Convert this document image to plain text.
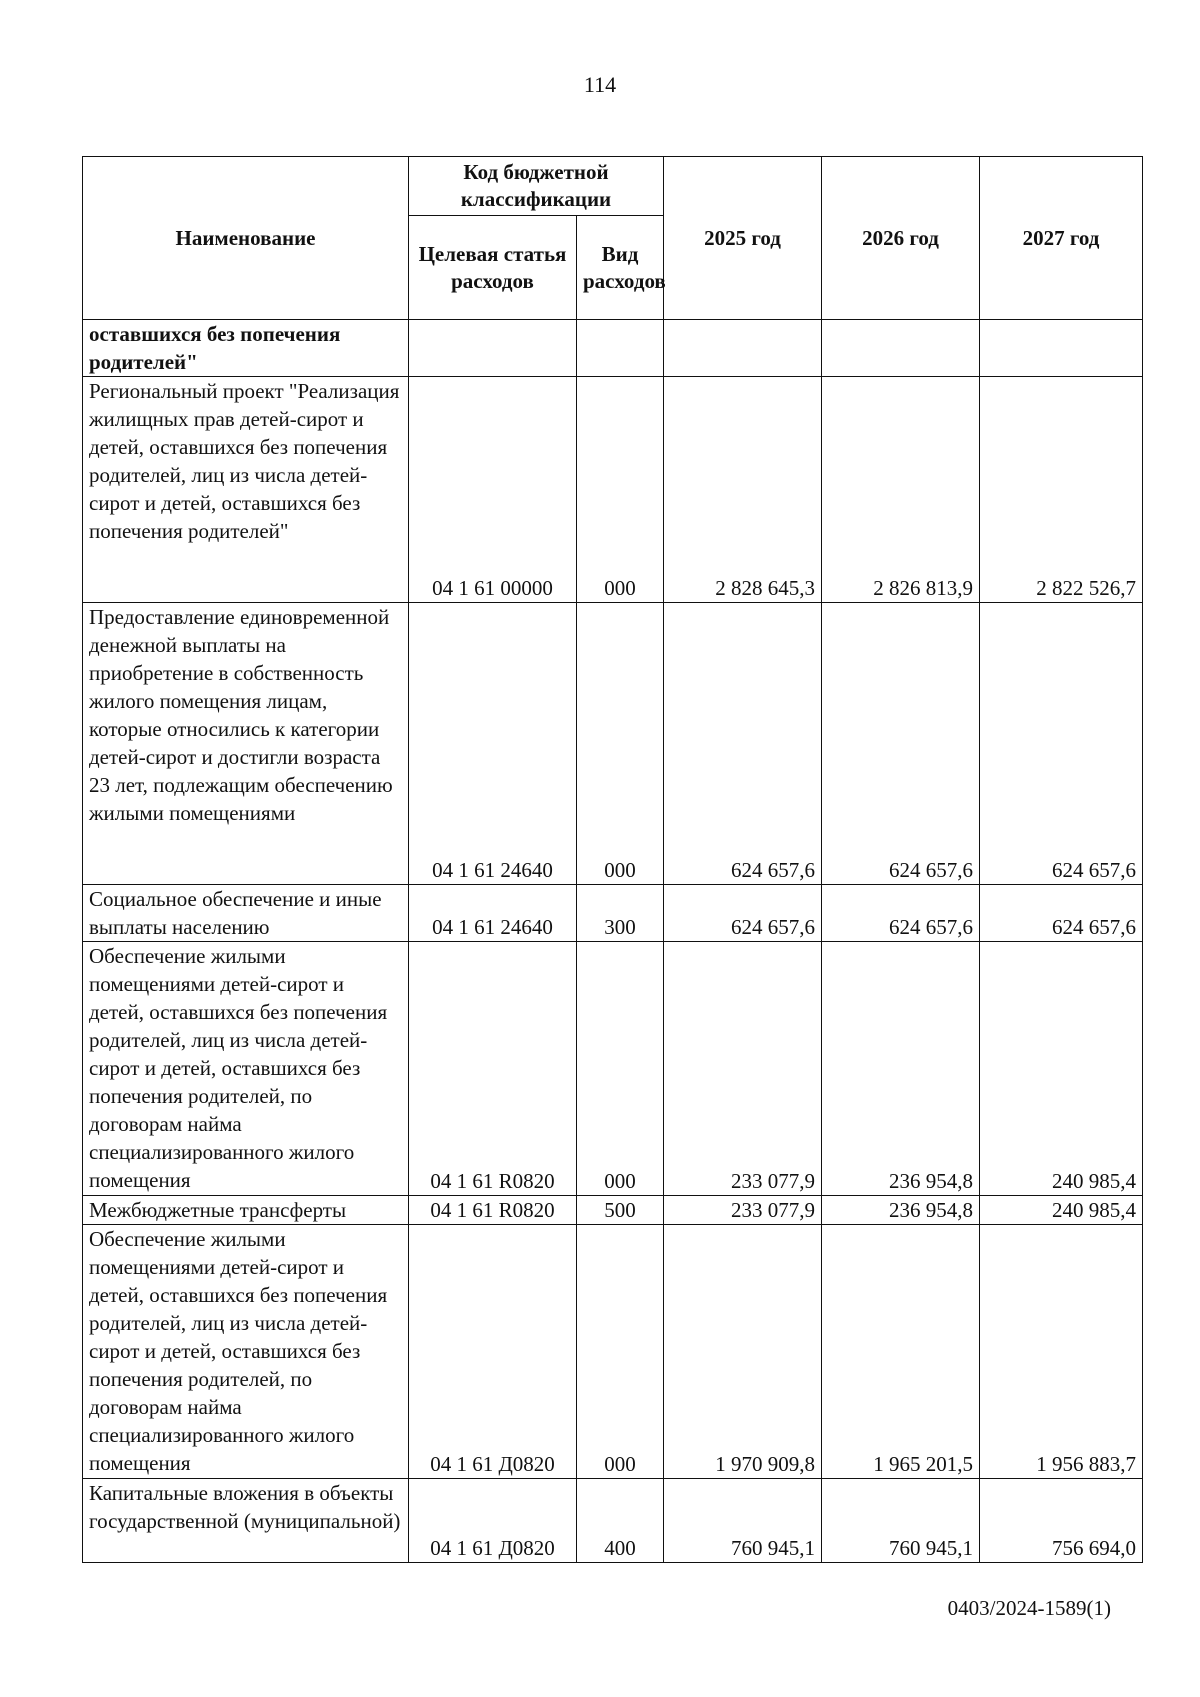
114
Наименование	Код бюджетной классификации		2025 год	2026 год	2027 год
	Целевая статья расходов	Вид расходов			
оставшихся без попечения родителей"					
Региональный проект "Реализация жилищных прав детей-сирот и детей, оставшихся без попечения родителей, лиц из числа детей-сирот и детей, оставшихся без попечения родителей"	04 1 61 00000	000	2 828 645,3	2 826 813,9	2 822 526,7
Предоставление единовременной денежной выплаты на приобретение в собственность жилого помещения лицам, которые относились к категории детей-сирот и достигли возраста 23 лет, подлежащим обеспечению жилыми помещениями	04 1 61 24640	000	624 657,6	624 657,6	624 657,6
Социальное обеспечение и иные выплаты населению	04 1 61 24640	300	624 657,6	624 657,6	624 657,6
Обеспечение жилыми помещениями детей-сирот и детей, оставшихся без попечения родителей, лиц из числа детей-сирот и детей, оставшихся без попечения родителей, по договорам найма специализированного жилого помещения	04 1 61 R0820	000	233 077,9	236 954,8	240 985,4
Межбюджетные трансферты	04 1 61 R0820	500	233 077,9	236 954,8	240 985,4
Обеспечение жилыми помещениями детей-сирот и детей, оставшихся без попечения родителей, лиц из числа детей-сирот и детей, оставшихся без попечения родителей, по договорам найма специализированного жилого помещения	04 1 61 Д0820	000	1 970 909,8	1 965 201,5	1 956 883,7
Капитальные вложения в объекты государственной (муниципальной)	04 1 61 Д0820	400	760 945,1	760 945,1	756 694,0
0403/2024-1589(1)
